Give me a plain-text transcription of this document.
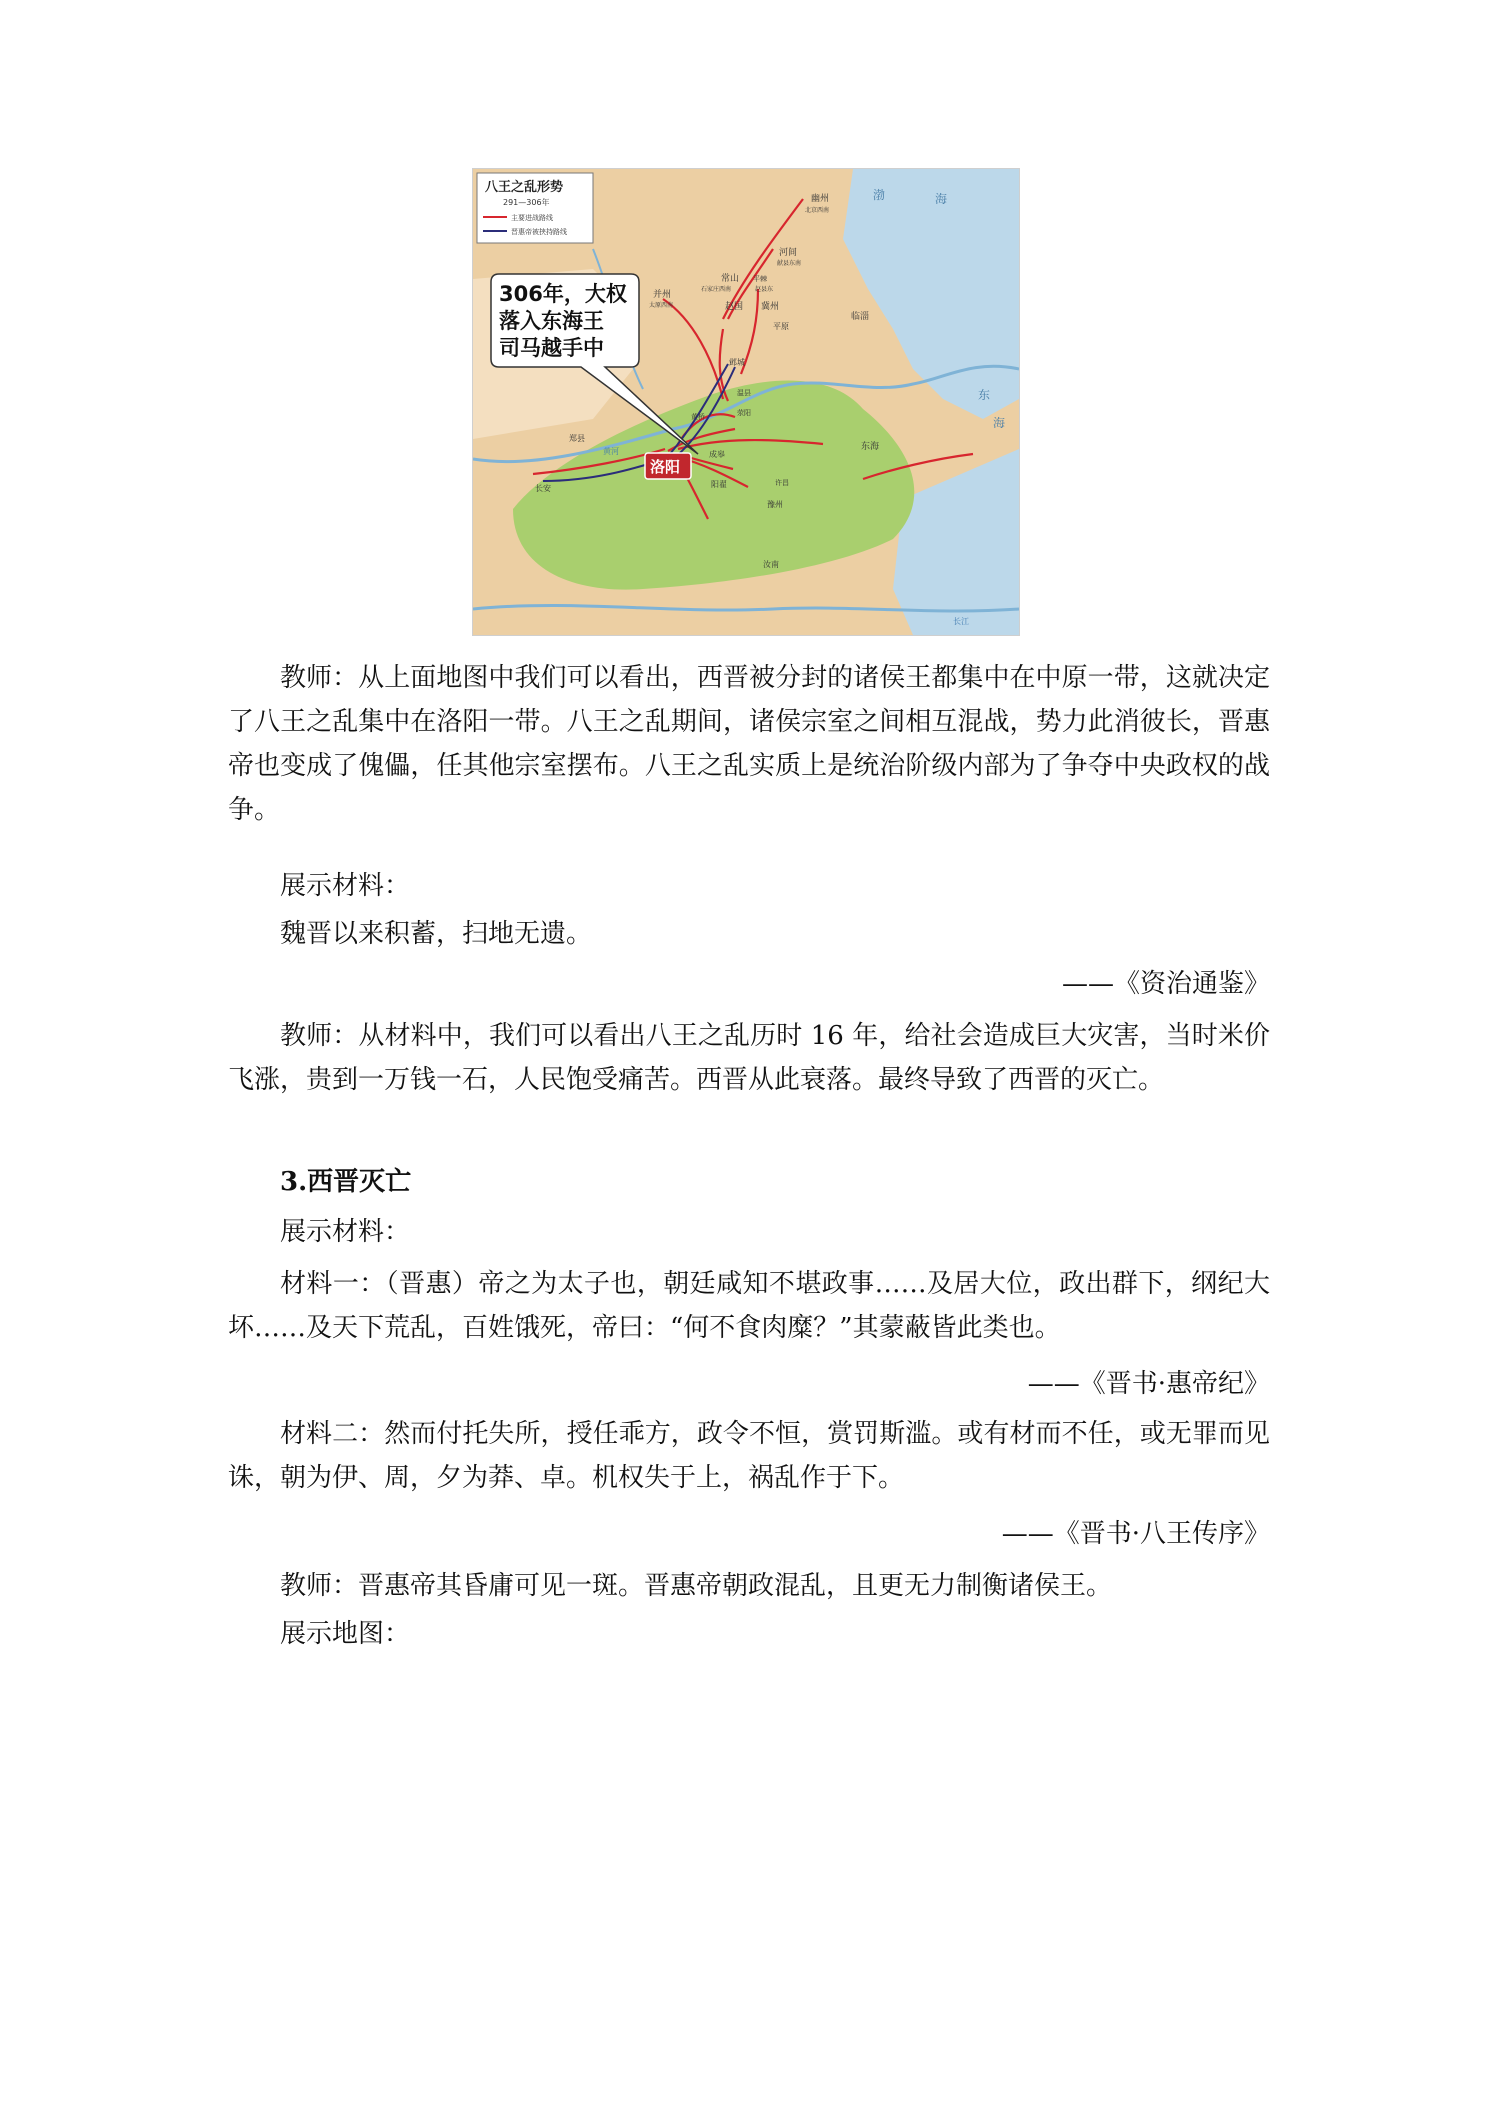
八王之乱形势
291—306年
主要进战路线
晋惠帝被挟持路线
幽州
北京西南
河间
献县东南
常山
石家庄西南
平棘
赵县东
并州
太原西南	赵国 冀州
平原
临淄
东海
邺城
黄桥
温县
荥阳
郑县
长安
成皋
阳翟	许昌
豫州
汝南
渤	海
东
海
黄河
长江
306年，大权
落入东海王
司马越手中
洛阳
教师：从上面地图中我们可以看出，西晋被分封的诸侯王都集中在中原一带，这就决定了八王之乱集中在洛阳一带。八王之乱期间，诸侯宗室之间相互混战，势力此消彼长，晋惠帝也变成了傀儡，任其他宗室摆布。八王之乱实质上是统治阶级内部为了争夺中央政权的战争。
展示材料：
魏晋以来积蓄，扫地无遗。
——《资治通鉴》
教师：从材料中，我们可以看出八王之乱历时 16 年，给社会造成巨大灾害，当时米价飞涨，贵到一万钱一石，人民饱受痛苦。西晋从此衰落。最终导致了西晋的灭亡。
3.西晋灭亡
展示材料：
材料一：（晋惠）帝之为太子也，朝廷咸知不堪政事……及居大位，政出群下，纲纪大坏……及天下荒乱，百姓饿死，帝曰：“何不食肉糜？”其蒙蔽皆此类也。
——《晋书·惠帝纪》
材料二：然而付托失所，授任乖方，政令不恒，赏罚斯滥。或有材而不任，或无罪而见诛，朝为伊、周，夕为莽、卓。机权失于上，祸乱作于下。
——《晋书·八王传序》
教师：晋惠帝其昏庸可见一斑。晋惠帝朝政混乱，且更无力制衡诸侯王。
展示地图：
